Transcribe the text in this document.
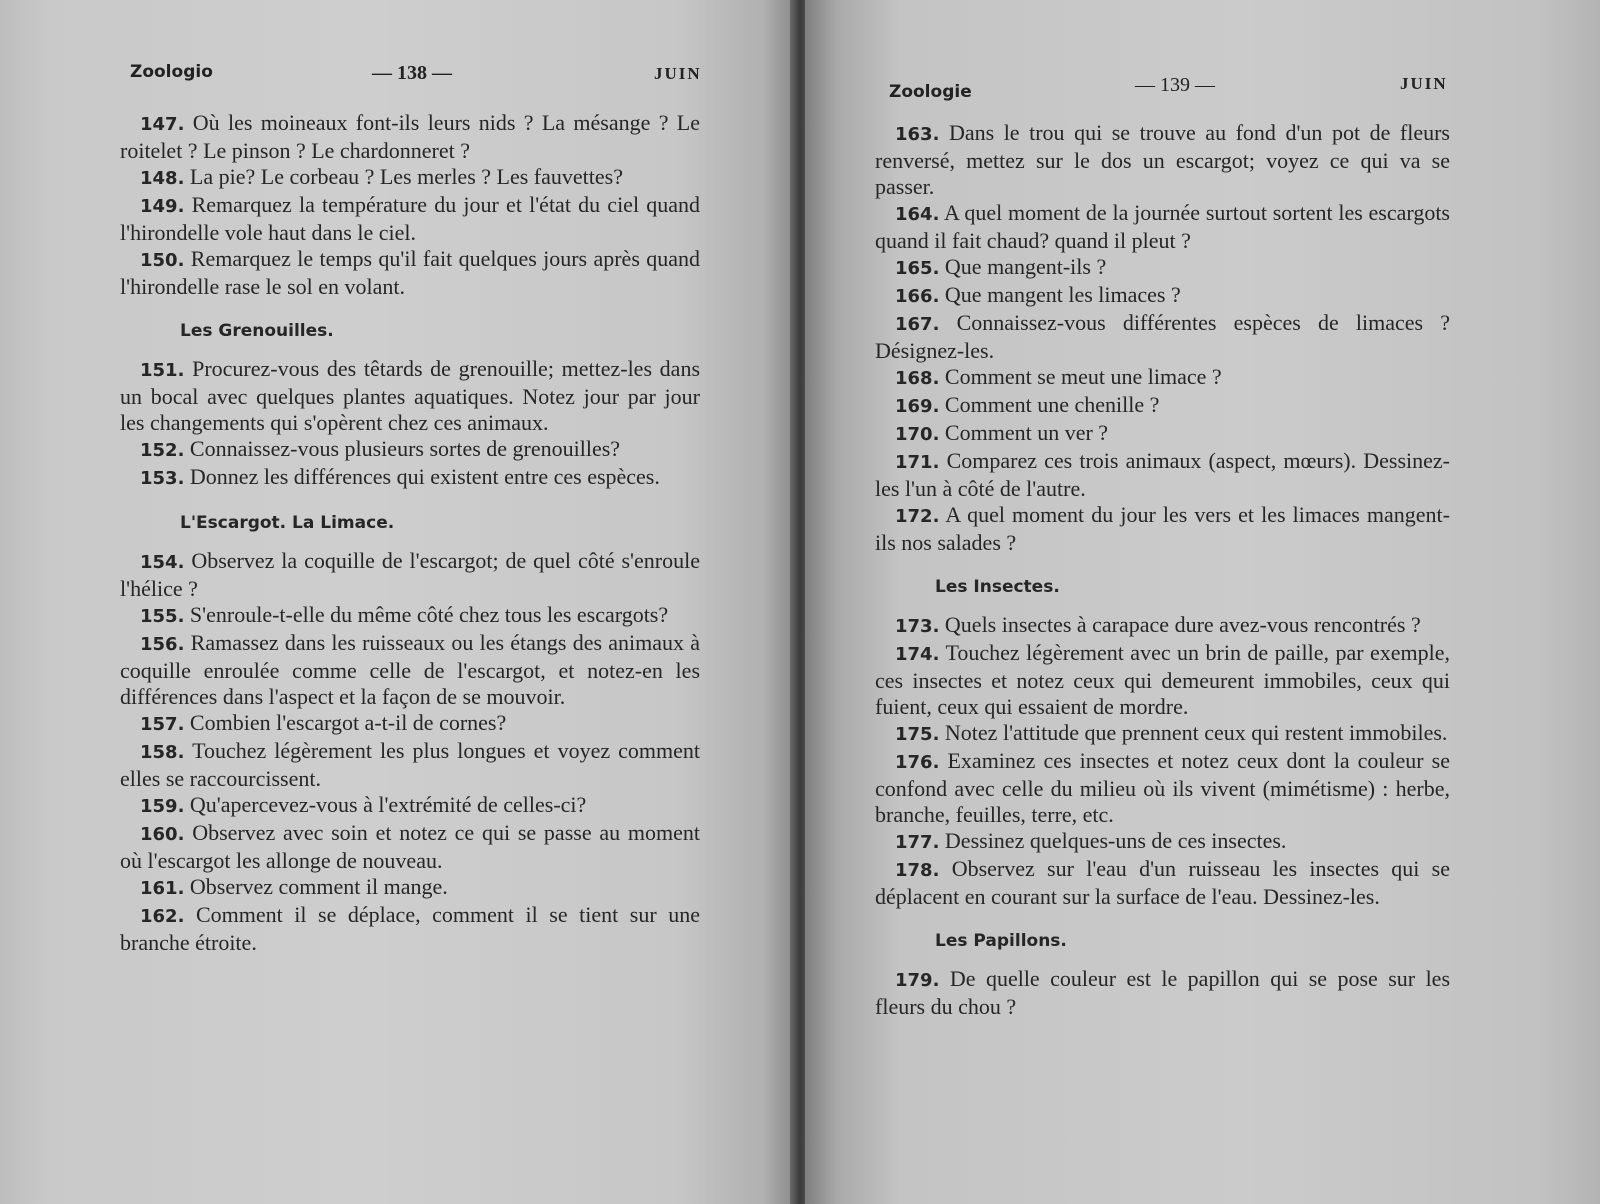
Zoologio	— 138 —	JUIN

147. Où les moineaux font-ils leurs nids ? La mésange ? Le roitelet ? Le pinson ? Le chardonneret ?

148. La pie? Le corbeau ? Les merles ? Les fauvettes?

149. Remarquez la température du jour et l'état du ciel quand l'hirondelle vole haut dans le ciel.

150. Remarquez le temps qu'il fait quelques jours après quand l'hirondelle rase le sol en volant.

Les Grenouilles.

151. Procurez-vous des têtards de grenouille; mettez-les dans un bocal avec quelques plantes aquatiques. Notez jour par jour les changements qui s'opèrent chez ces animaux.

152. Connaissez-vous plusieurs sortes de grenouilles?

153. Donnez les différences qui existent entre ces espèces.

L'Escargot. La Limace.

154. Observez la coquille de l'escargot; de quel côté s'enroule l'hélice ?

155. S'enroule-t-elle du même côté chez tous les escargots?

156. Ramassez dans les ruisseaux ou les étangs des animaux à coquille enroulée comme celle de l'escargot, et notez-en les différences dans l'aspect et la façon de se mouvoir.

157. Combien l'escargot a-t-il de cornes?

158. Touchez légèrement les plus longues et voyez comment elles se raccourcissent.

159. Qu'apercevez-vous à l'extrémité de celles-ci?

160. Observez avec soin et notez ce qui se passe au moment où l'escargot les allonge de nouveau.

161. Observez comment il mange.

162. Comment il se déplace, comment il se tient sur une branche étroite.

Zoologie	— 139 —	JUIN

163. Dans le trou qui se trouve au fond d'un pot de fleurs renversé, mettez sur le dos un escargot; voyez ce qui va se passer.

164. A quel moment de la journée surtout sortent les escargots quand il fait chaud? quand il pleut ?

165. Que mangent-ils ?

166. Que mangent les limaces ?

167. Connaissez-vous différentes espèces de limaces ? Désignez-les.

168. Comment se meut une limace ?

169. Comment une chenille ?

170. Comment un ver ?

171. Comparez ces trois animaux (aspect, mœurs). Dessinez-les l'un à côté de l'autre.

172. A quel moment du jour les vers et les limaces mangent-ils nos salades ?

Les Insectes.

173. Quels insectes à carapace dure avez-vous rencontrés ?

174. Touchez légèrement avec un brin de paille, par exemple, ces insectes et notez ceux qui demeurent immobiles, ceux qui fuient, ceux qui essaient de mordre.

175. Notez l'attitude que prennent ceux qui restent immobiles.

176. Examinez ces insectes et notez ceux dont la couleur se confond avec celle du milieu où ils vivent (mimétisme) : herbe, branche, feuilles, terre, etc.

177. Dessinez quelques-uns de ces insectes.

178. Observez sur l'eau d'un ruisseau les insectes qui se déplacent en courant sur la surface de l'eau. Dessinez-les.

Les Papillons.

179. De quelle couleur est le papillon qui se pose sur les fleurs du chou ?
